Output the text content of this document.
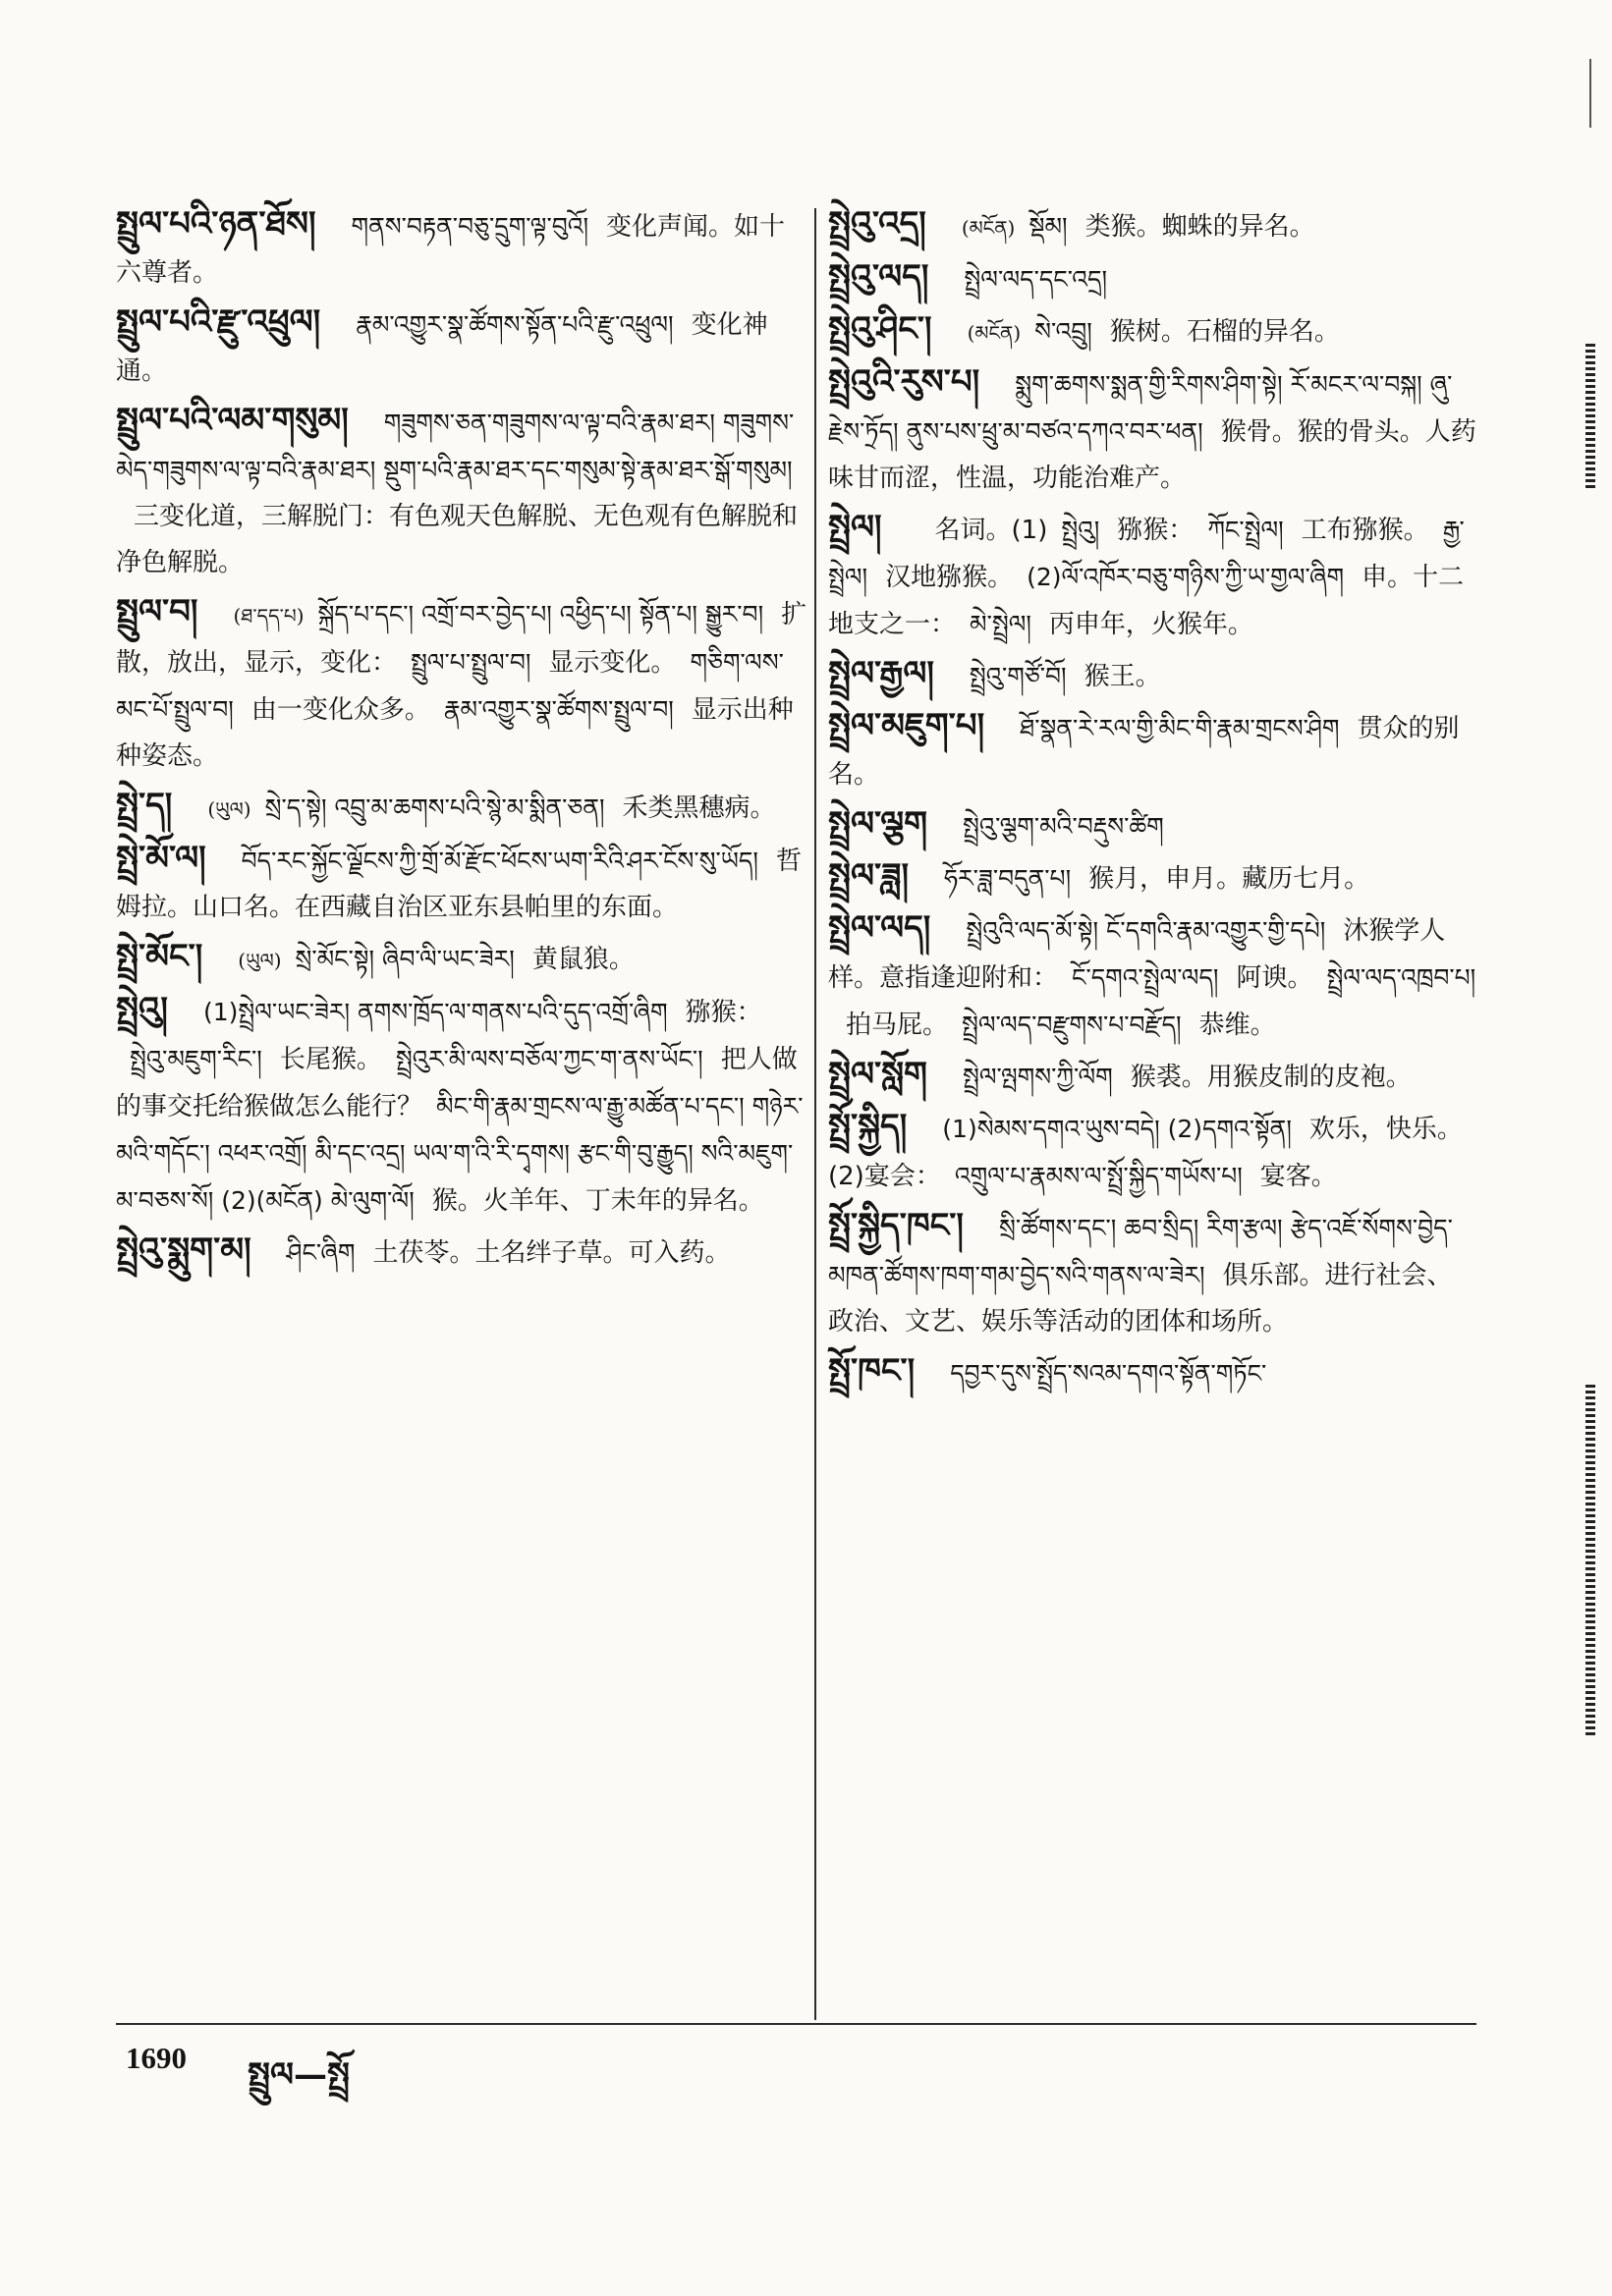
སྤྲུལ་པའི་ཉན་ཐོས། གནས་བརྟན་བཅུ་དྲུག་ལྟ་བུའོ། 变化声闻。如十六尊者。
སྤྲུལ་པའི་རྫུ་འཕྲུལ། རྣམ་འགྱུར་སྣ་ཚོགས་སྟོན་པའི་རྫུ་འཕྲུལ། 变化神通。
སྤྲུལ་པའི་ལམ་གསུམ། གཟུགས་ཅན་གཟུགས་ལ་ལྟ་བའི་རྣམ་ཐར། གཟུགས་མེད་གཟུགས་ལ་ལྟ་བའི་རྣམ་ཐར། སྡུག་པའི་རྣམ་ཐར་དང་གསུམ་སྟེ་རྣམ་ཐར་སྒོ་གསུམ།三变化道，三解脱门：有色观天色解脱、无色观有色解脱和净色解脱。
སྤྲུལ་བ། (ཐ་དད་པ) སྐྲོད་པ་དང་། འགྲོ་བར་བྱེད་པ། འཕྱིད་པ། སྟོན་པ། སྒྱུར་བ། 扩散，放出，显示，变化： སྤྲུལ་པ་སྤྲུལ་བ། 显示变化。 གཅིག་ལས་མང་པོ་སྤྲུལ་བ། 由一变化众多。 རྣམ་འགྱུར་སྣ་ཚོགས་སྤྲུལ་བ། 显示出种种姿态。
སྤྲེ་ད། (ཡུལ) སྲེ་ད་སྟེ། འབྲུ་མ་ཆགས་པའི་སྙེ་མ་སྨིན་ཅན། 禾类黑穗病。
སྤྲེ་མོ་ལ། བོད་རང་སྐྱོང་ལྗོངས་ཀྱི་གྲོ་མོ་རྫོང་ཕོངས་ཡག་རིའི་ཤར་ངོས་སུ་ཡོད། 哲姆拉。山口名。在西藏自治区亚东县帕里的东面。
སྤྲེ་མོང་། (ཡུལ) སྲེ་མོང་སྟེ། ཞིབ་ལི་ཡང་ཟེར། 黄鼠狼。
སྤྲེའུ། (1)སྤྲེལ་ཡང་ཟེར། ནགས་ཁྲོད་ལ་གནས་པའི་དུད་འགྲོ་ཞིག 猕猴：སྤྲེའུ་མཇུག་རིང་། 长尾猴。 སྤྲེའུར་མི་ལས་བཅོལ་ཀྱང་ག་ནས་ཡོང་། 把人做的事交托给猴做怎么能行？ མིང་གི་རྣམ་གྲངས་ལ་རྒྱུ་མཚོན་པ་དང་། གཉེར་མའི་གདོང་། འཕར་འགྲོ། མི་དང་འདྲ། ཡལ་ག་འི་རི་དྭགས། རྩང་གི་བུ་རྒྱུད། སའི་མཇུག་མ་བཅས་སོ། (2)(མངོན) མེ་ལུག་ལོ། 猴。火羊年、丁未年的异名。
སྤྲེའུ་སྨུག་མ། ཤིང་ཞིག 土茯苓。土名绊子草。可入药。
སྤྲེའུ་འདྲ། (མངོན) སྡོམ། 类猴。蜘蛛的异名。
སྤྲེའུ་ལད། སྤྲེལ་ལད་དང་འདྲ།
སྤྲེའུ་ཤིང་། (མངོན) སེ་འབྲུ། 猴树。石榴的异名。
སྤྲེའུའི་རུས་པ། སྨུག་ཆགས་སྨན་གྱི་རིགས་ཤིག་སྟེ། རོ་མངར་ལ་བསྐ། ཞུ་རྗེས་ཏྲོད། ནུས་པས་ཕྲུ་མ་བཙའ་དཀའ་བར་ཕན། 猴骨。猴的骨头。人药味甘而涩，性温，功能治难产。
སྤྲེལ། 名词。(1) སྤྲེའུ། 猕猴： ཀོང་སྤྲེལ། 工布猕猴。 རྒྱ་སྤྲེལ། 汉地猕猴。 (2)ལོ་འཁོར་བཅུ་གཉིས་ཀྱི་ཡ་གྱལ་ཞིག 申。十二地支之一： མེ་སྤྲེལ། 丙申年，火猴年。
སྤྲེལ་རྒྱལ། སྤྲེའུ་གཙོ་བོ། 猴王。
སྤྲེལ་མཇུག་པ། ཐོ་སྣན་རེ་རལ་གྱི་མིང་གི་རྣམ་གྲངས་ཤིག 贯众的别名。
སྤྲེལ་ལྕག སྤྲེའུ་ལྕག་མའི་བརྡུས་ཚིག
སྤྲེལ་ཟླ། ཧོར་ཟླ་བདུན་པ། 猴月，申月。藏历七月。
སྤྲེལ་ལད། སྤྲེའུའི་ལད་མོ་སྟེ། ངོ་དགའི་རྣམ་འགྱུར་གྱི་དཔེ། 沐猴学人样。意指逢迎附和： ངོ་དགའ་སྤྲེལ་ལད། 阿谀。 སྤྲེལ་ལད་འཁྲབ་པ།拍马屁。 སྤྲེལ་ལད་བརྫུགས་པ་བརྫོད། 恭维。
སྤྲེལ་སློག སྤྲེལ་ལྤགས་ཀྱི་ལོག 猴裘。用猴皮制的皮袍。
སྤྲོ་སྐྱིད། (1)སེམས་དགའ་ཡུས་བདེ། (2)དགའ་སྟོན། 欢乐，快乐。(2)宴会： འགྲུལ་པ་རྣམས་ལ་སྤྲོ་སྐྱིད་གཡོས་པ། 宴客。
སྤྲོ་སྐྱིད་ཁང་། སྲི་ཚོགས་དང་། ཆབ་སྲིད། རིག་རྩལ། རྩེད་འཇོ་སོགས་བྱེད་མཁན་ཚོགས་ཁག་གམ་བྱེད་སའི་གནས་ལ་ཟེར། 俱乐部。进行社会、政治、文艺、娱乐等活动的团体和场所。
སྤྲོ་ཁང་། དབྱར་དུས་སྤྲོད་སའམ་དགའ་སྟོན་གཏོང་
1690 སྤྲུལ—སྤྲོ
